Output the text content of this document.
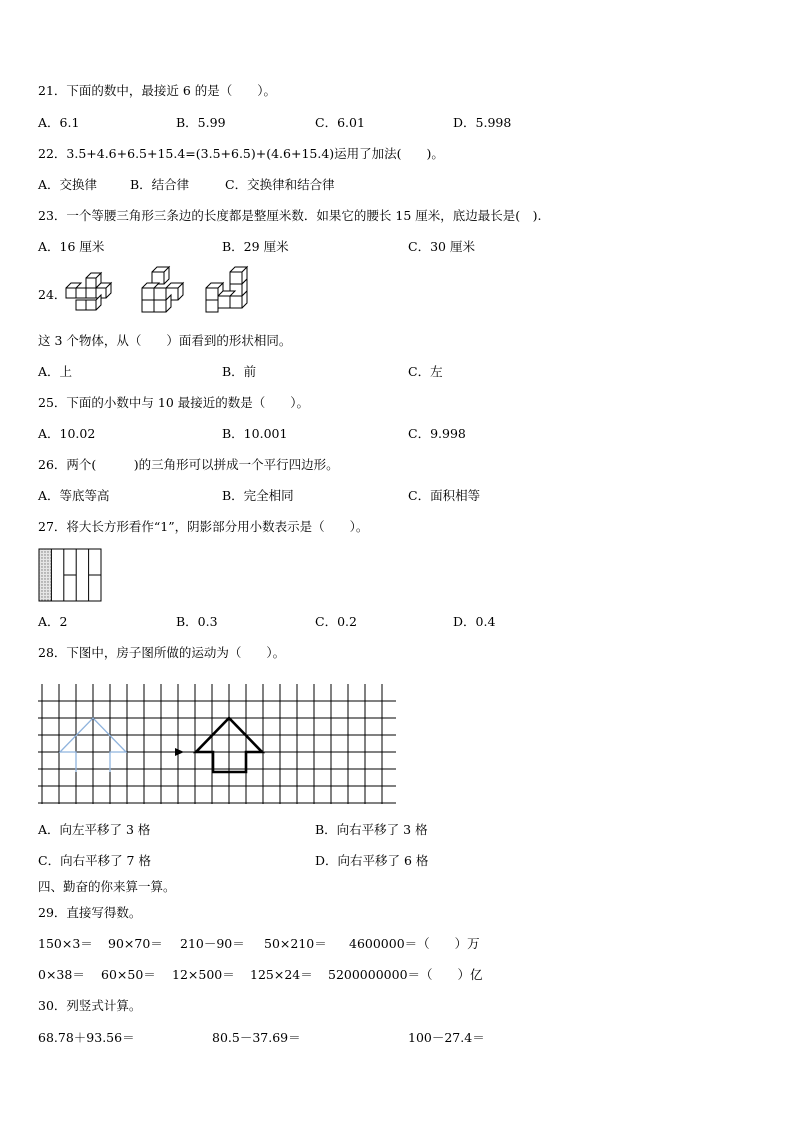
21．下面的数中，最接近 6 的是（　　）。
A．6.1	B．5.99	C．6.01	D．5.998
22．3.5+4.6+6.5+15.4=(3.5+6.5)+(4.6+15.4)运用了加法(　　)。
A．交换律	B．结合律	C．交换律和结合律
23．一个等腰三角形三条边的长度都是整厘米数．如果它的腰长 15 厘米，底边最长是(　).
A．16 厘米	B．29 厘米	C．30 厘米
24．
这 3 个物体，从（　　）面看到的形状相同。
A．上	B．前	C．左
25．下面的小数中与 10 最接近的数是（　　）。
A．10.02	B．10.001	C．9.998
26．两个(　　　)的三角形可以拼成一个平行四边形。
A．等底等高	B．完全相同	C．面积相等
27．将大长方形看作“1”，阴影部分用小数表示是（　　）。
A．2	B．0.3	C．0.2	D．0.4
28．下图中，房子图所做的运动为（　　）。
A．向左平移了 3 格	B．向右平移了 3 格
C．向右平移了 7 格	D．向右平移了 6 格
四、勤奋的你来算一算。
29．直接写得数。
150×3＝ 90×70＝ 210－90＝ 50×210＝ 4600000＝（　　）万
0×38＝ 60×50＝ 12×500＝ 125×24＝ 5200000000＝（　　）亿
30．列竖式计算。
68.78＋93.56＝	80.5－37.69＝	100－27.4＝
